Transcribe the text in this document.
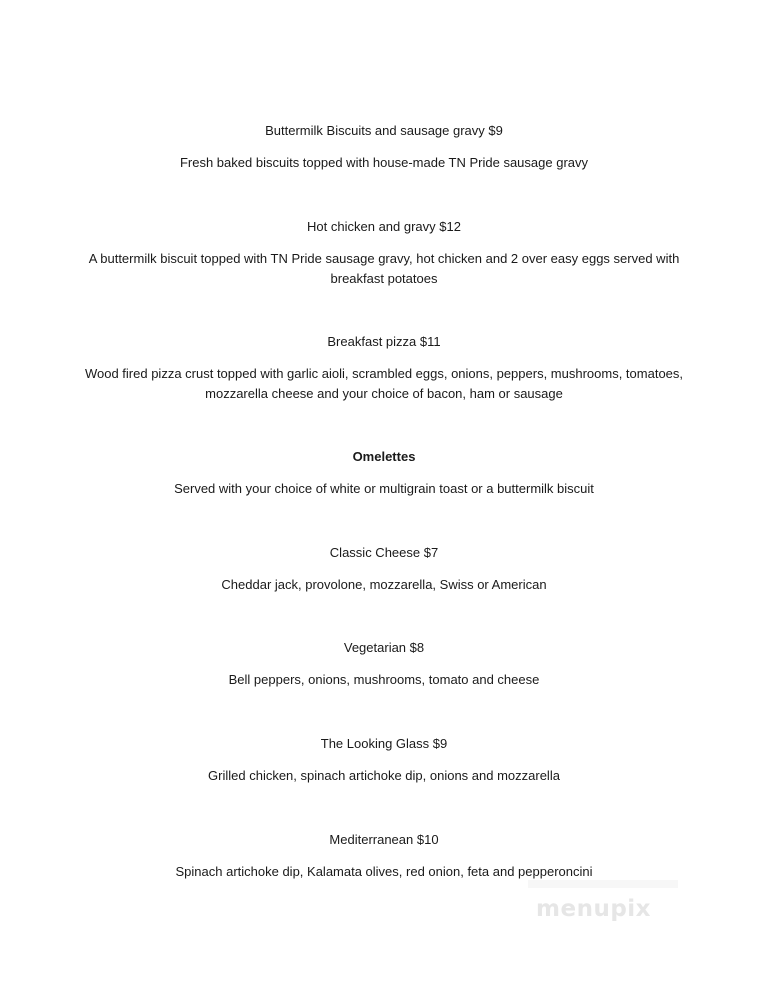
Buttermilk Biscuits and sausage gravy $9

Fresh baked biscuits topped with house-made TN Pride sausage gravy

Hot chicken and gravy $12

A buttermilk biscuit topped with TN Pride sausage gravy, hot chicken and 2 over easy eggs served with breakfast potatoes

Breakfast pizza $11

Wood fired pizza crust topped with garlic aioli, scrambled eggs, onions, peppers, mushrooms, tomatoes, mozzarella cheese and your choice of bacon, ham or sausage

Omelettes

Served with your choice of white or multigrain toast or a buttermilk biscuit

Classic Cheese $7

Cheddar jack, provolone, mozzarella, Swiss or American

Vegetarian $8

Bell peppers, onions, mushrooms, tomato and cheese

The Looking Glass $9

Grilled chicken, spinach artichoke dip, onions and mozzarella

Mediterranean $10

Spinach artichoke dip, Kalamata olives, red onion, feta and pepperoncini

menupix
